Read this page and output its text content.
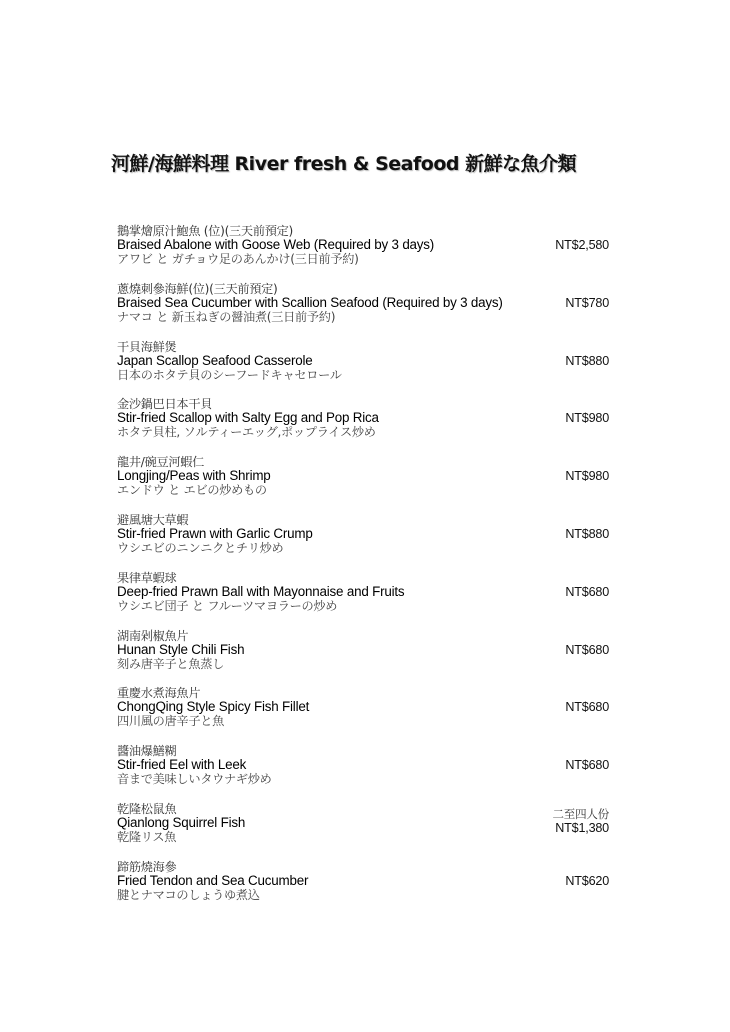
河鮮/海鮮料理 River fresh & Seafood 新鮮な魚介類
鵝掌燴原汁鮑魚 (位)(三天前預定)
Braised Abalone with Goose Web (Required by 3 days)
アワビ と ガチョウ足のあんかけ(三日前予約)
NT$2,580
蔥燒刺參海鮮(位)(三天前預定)
Braised Sea Cucumber with Scallion Seafood (Required by 3 days)
ナマコ と 新玉ねぎの醤油煮(三日前予約)
NT$780
干貝海鮮煲
Japan Scallop Seafood Casserole
日本のホタテ貝のシーフードキャセロール
NT$880
金沙鍋巴日本干貝
Stir-fried Scallop with Salty Egg and Pop Rica
ホタテ貝柱, ソルティーエッグ,ポップライス炒め
NT$980
龍井/碗豆河蝦仁
Longjing/Peas with Shrimp
エンドウ と エビの炒めもの
NT$980
避風塘大草蝦
Stir-fried Prawn with Garlic Crump
ウシエビのニンニクとチリ炒め
NT$880
果律草蝦球
Deep-fried Prawn Ball with Mayonnaise and Fruits
ウシエビ団子 と フルーツマヨラーの炒め
NT$680
湖南剁椒魚片
Hunan Style Chili Fish
刻み唐辛子と魚蒸し
NT$680
重慶水煮海魚片
ChongQing Style Spicy Fish Fillet
四川風の唐辛子と魚
NT$680
醬油爆鱔糊
Stir-fried Eel with Leek
音まで美味しいタウナギ炒め
NT$680
乾隆松鼠魚
Qianlong Squirrel Fish
乾隆リス魚
二至四人份
NT$1,380
蹄筋燒海參
Fried Tendon and Sea Cucumber
腱とナマコのしょうゆ煮込
NT$620
